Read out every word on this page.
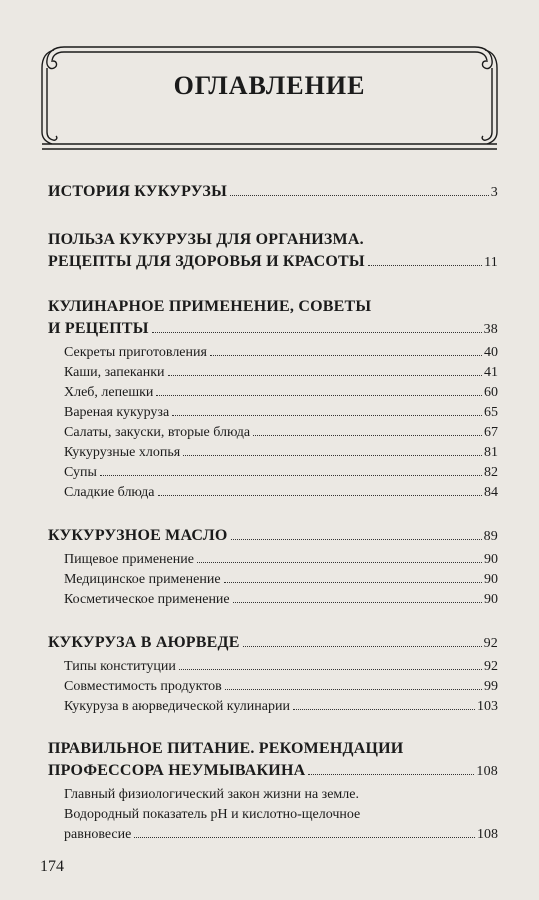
ОГЛАВЛЕНИЕ
ИСТОРИЯ КУКУРУЗЫ	3
ПОЛЬЗА КУКУРУЗЫ ДЛЯ ОРГАНИЗМА.
РЕЦЕПТЫ ДЛЯ ЗДОРОВЬЯ И КРАСОТЫ	11
КУЛИНАРНОЕ ПРИМЕНЕНИЕ, СОВЕТЫ
И РЕЦЕПТЫ	38
Секреты приготовления	40
Каши, запеканки	41
Хлеб, лепешки	60
Вареная кукуруза	65
Салаты, закуски, вторые блюда	67
Кукурузные хлопья	81
Супы	82
Сладкие блюда	84
КУКУРУЗНОЕ МАСЛО	89
Пищевое применение	90
Медицинское применение	90
Косметическое применение	90
КУКУРУЗА В АЮРВЕДЕ	92
Типы конституции	92
Совместимость продуктов	99
Кукуруза в аюрведической кулинарии	103
ПРАВИЛЬНОЕ ПИТАНИЕ. РЕКОМЕНДАЦИИ
ПРОФЕССОРА НЕУМЫВАКИНА	108
Главный физиологический закон жизни на земле.
Водородный показатель pH и кислотно-щелочное
равновесие	108
174
